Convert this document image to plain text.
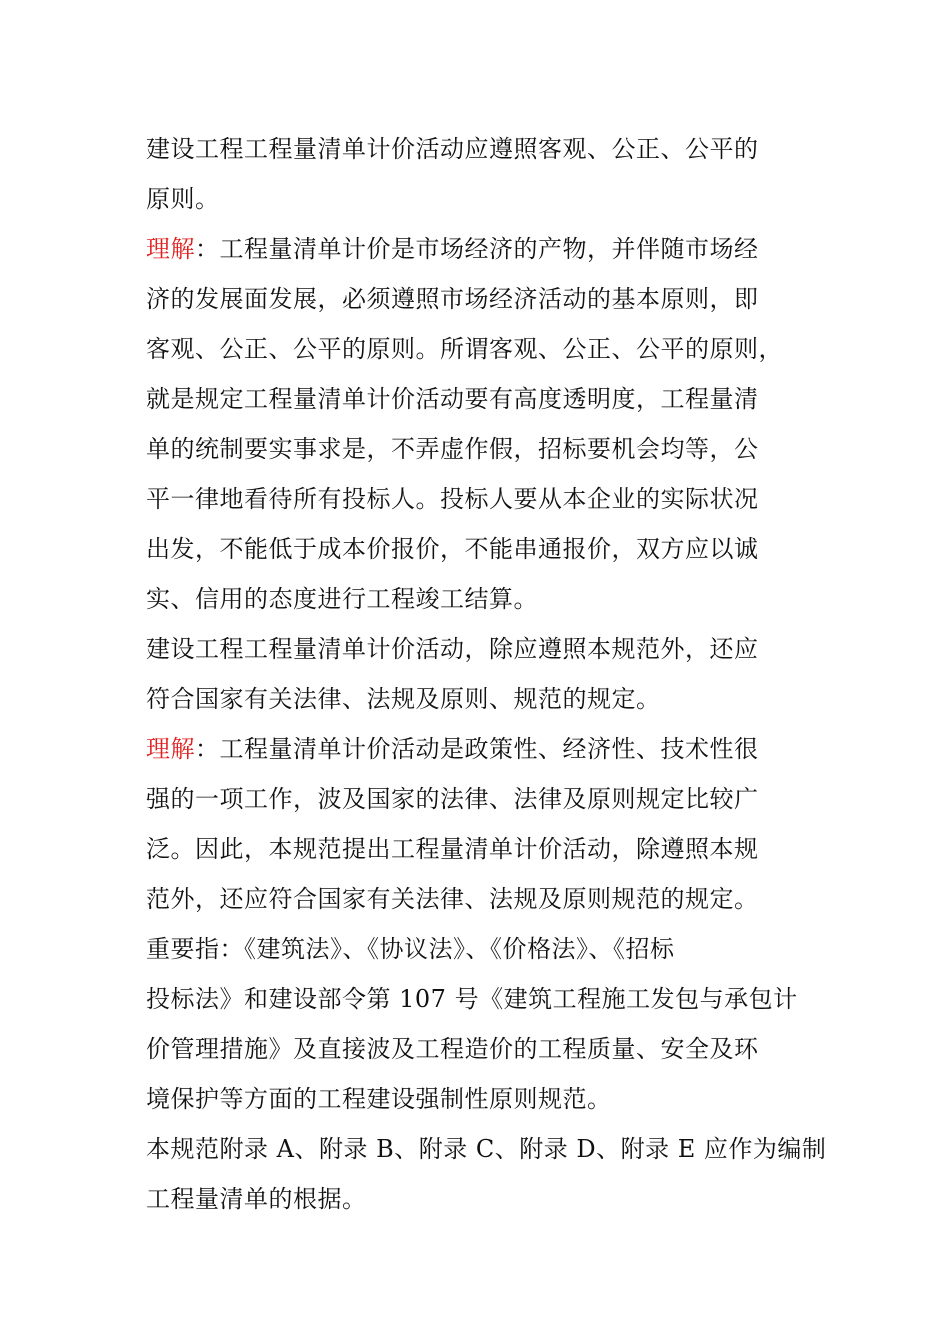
建设工程工程量清单计价活动应遵照客观、公正、公平的
原则。
理解：工程量清单计价是市场经济的产物，并伴随市场经
济的发展面发展，必须遵照市场经济活动的基本原则，即
客观、公正、公平的原则。所谓客观、公正、公平的原则，
就是规定工程量清单计价活动要有高度透明度，工程量清
单的统制要实事求是，不弄虚作假，招标要机会均等，公
平一律地看待所有投标人。投标人要从本企业的实际状况
出发，不能低于成本价报价，不能串通报价，双方应以诚
实、信用的态度进行工程竣工结算。
建设工程工程量清单计价活动，除应遵照本规范外，还应
符合国家有关法律、法规及原则、规范的规定。
理解：工程量清单计价活动是政策性、经济性、技术性很
强的一项工作，波及国家的法律、法律及原则规定比较广
泛。因此，本规范提出工程量清单计价活动，除遵照本规
范外，还应符合国家有关法律、法规及原则规范的规定。
重要指：《建筑法》、《协议法》、《价格法》、《招标
投标法》和建设部令第 107 号《建筑工程施工发包与承包计
价管理措施》及直接波及工程造价的工程质量、安全及环
境保护等方面的工程建设强制性原则规范。
本规范附录 A、附录 B、附录 C、附录 D、附录 E 应作为编制
工程量清单的根据。
